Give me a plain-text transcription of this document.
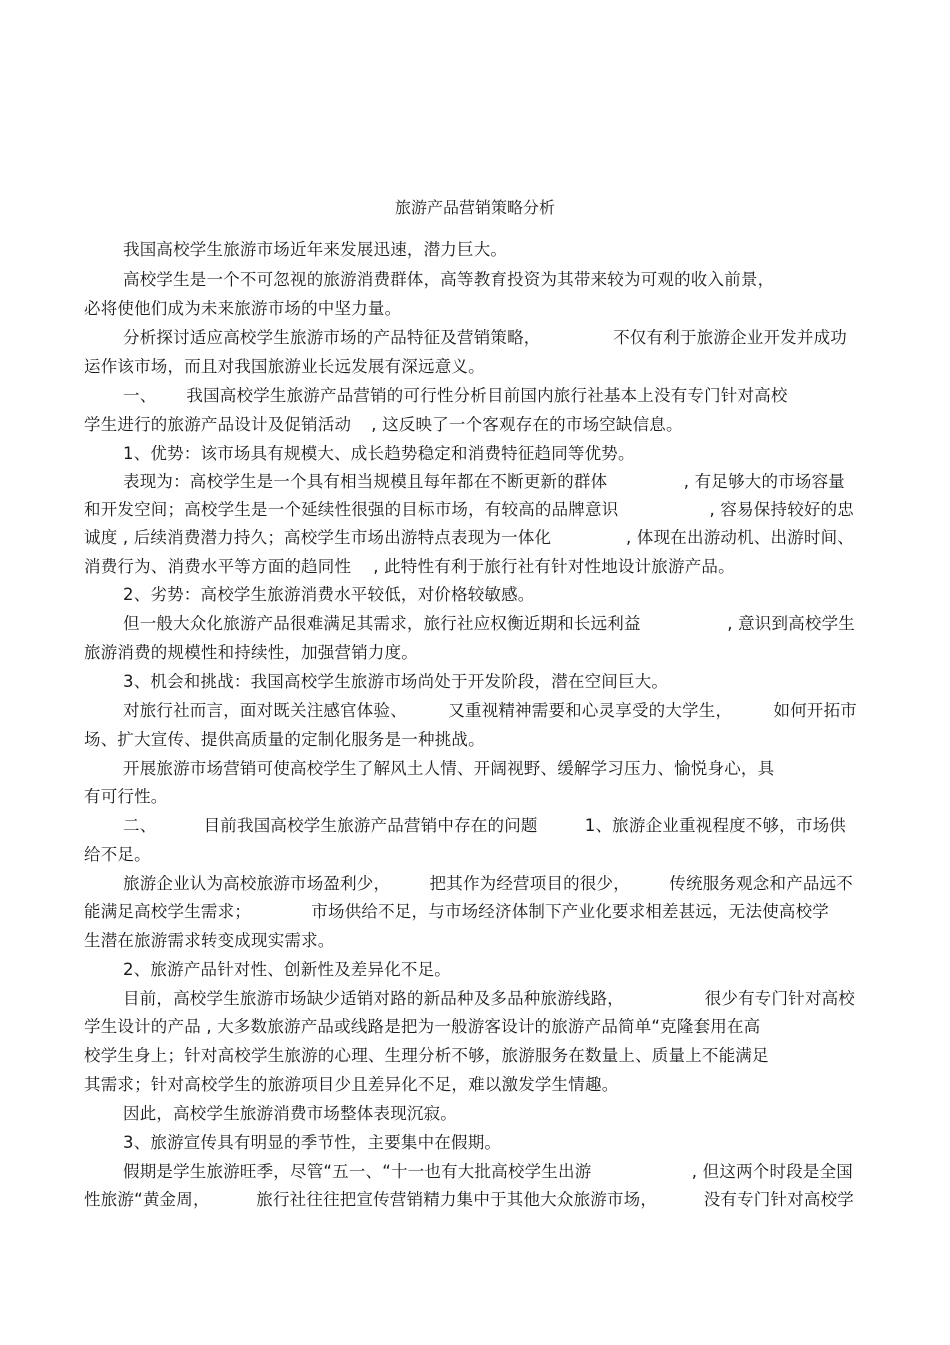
旅游产品营销策略分析
我国高校学生旅游市场近年来发展迅速，潜力巨大。
高校学生是一个不可忽视的旅游消费群体，高等教育投资为其带来较为可观的收入前景，
必将使他们成为未来旅游市场的中坚力量。
分析探讨适应高校学生旅游市场的产品特征及营销策略，	不仅有利于旅游企业开发并成功
运作该市场，而且对我国旅游业长远发展有深远意义。
一、 我国高校学生旅游产品营销的可行性分析目前国内旅行社基本上没有专门针对高校
学生进行的旅游产品设计及促销活动 , 这反映了一个客观存在的市场空缺信息。
1、优势：该市场具有规模大、成长趋势稳定和消费特征趋同等优势。
表现为：高校学生是一个具有相当规模且每年都在不断更新的群体	, 有足够大的市场容量
和开发空间；高校学生是一个延续性很强的目标市场，有较高的品牌意识	, 容易保持较好的忠
诚度 , 后续消费潜力持久；高校学生市场出游特点表现为一体化	, 体现在出游动机、出游时间、
消费行为、消费水平等方面的趋同性 , 此特性有利于旅行社有针对性地设计旅游产品。
2、劣势：高校学生旅游消费水平较低，对价格较敏感。
但一般大众化旅游产品很难满足其需求，旅行社应权衡近期和长远利益	, 意识到高校学生
旅游消费的规模性和持续性，加强营销力度。
3、机会和挑战：我国高校学生旅游市场尚处于开发阶段，潜在空间巨大。
对旅行社而言，面对既关注感官体验、	又重视精神需要和心灵享受的大学生，	如何开拓市
场、扩大宣传、提供高质量的定制化服务是一种挑战。
开展旅游市场营销可使高校学生了解风土人情、开阔视野、缓解学习压力、愉悦身心，具
有可行性。
二、	目前我国高校学生旅游产品营销中存在的问题	1、旅游企业重视程度不够，市场供
给不足。
旅游企业认为高校旅游市场盈利少， 把其作为经营项目的很少， 传统服务观念和产品远不
能满足高校学生需求；	市场供给不足，与市场经济体制下产业化要求相差甚远，无法使高校学
生潜在旅游需求转变成现实需求。
2、旅游产品针对性、创新性及差异化不足。
目前，高校学生旅游市场缺少适销对路的新品种及多品种旅游线路，	很少有专门针对高校
学生设计的产品 , 大多数旅游产品或线路是把为一般游客设计的旅游产品简单“克隆套用在高
校学生身上；针对高校学生旅游的心理、生理分析不够，旅游服务在数量上、质量上不能满足
其需求；针对高校学生的旅游项目少且差异化不足，难以激发学生情趣。
因此，高校学生旅游消费市场整体表现沉寂。
3、旅游宣传具有明显的季节性，主要集中在假期。
假期是学生旅游旺季，尽管“五一、“十一也有大批高校学生出游	, 但这两个时段是全国
性旅游“黄金周，	旅行社往往把宣传营销精力集中于其他大众旅游市场，	没有专门针对高校学
